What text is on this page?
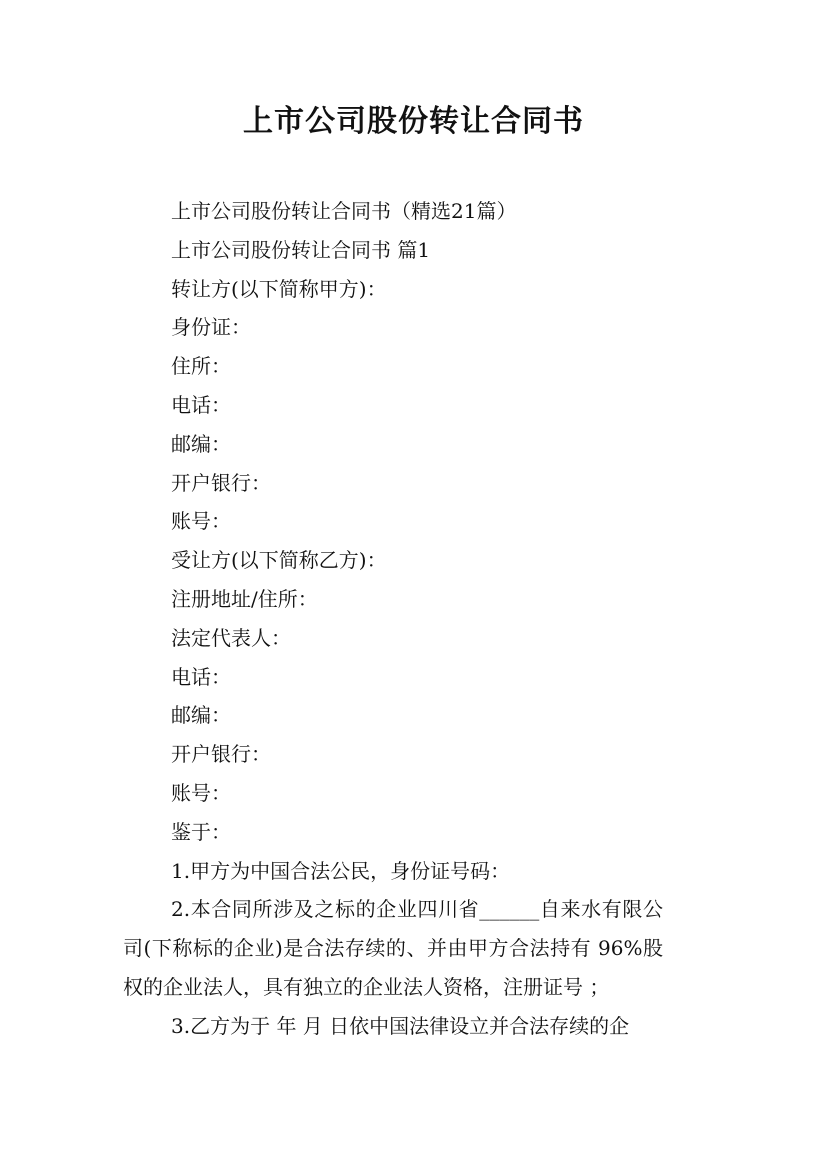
上市公司股份转让合同书

上市公司股份转让合同书（精选21篇）

上市公司股份转让合同书 篇1

转让方(以下简称甲方)：

身份证：

住所：

电话：

邮编：

开户银行：

账号：

受让方(以下简称乙方)：

注册地址/住所：

法定代表人：

电话：

邮编：

开户银行：

账号：

鉴于：

1.甲方为中国合法公民，身份证号码：

2.本合同所涉及之标的企业四川省______自来水有限公司(下称标的企业)是合法存续的、并由甲方合法持有 96%股权的企业法人，具有独立的企业法人资格，注册证号 ；

3.乙方为于 年 月 日依中国法律设立并合法存续的企
